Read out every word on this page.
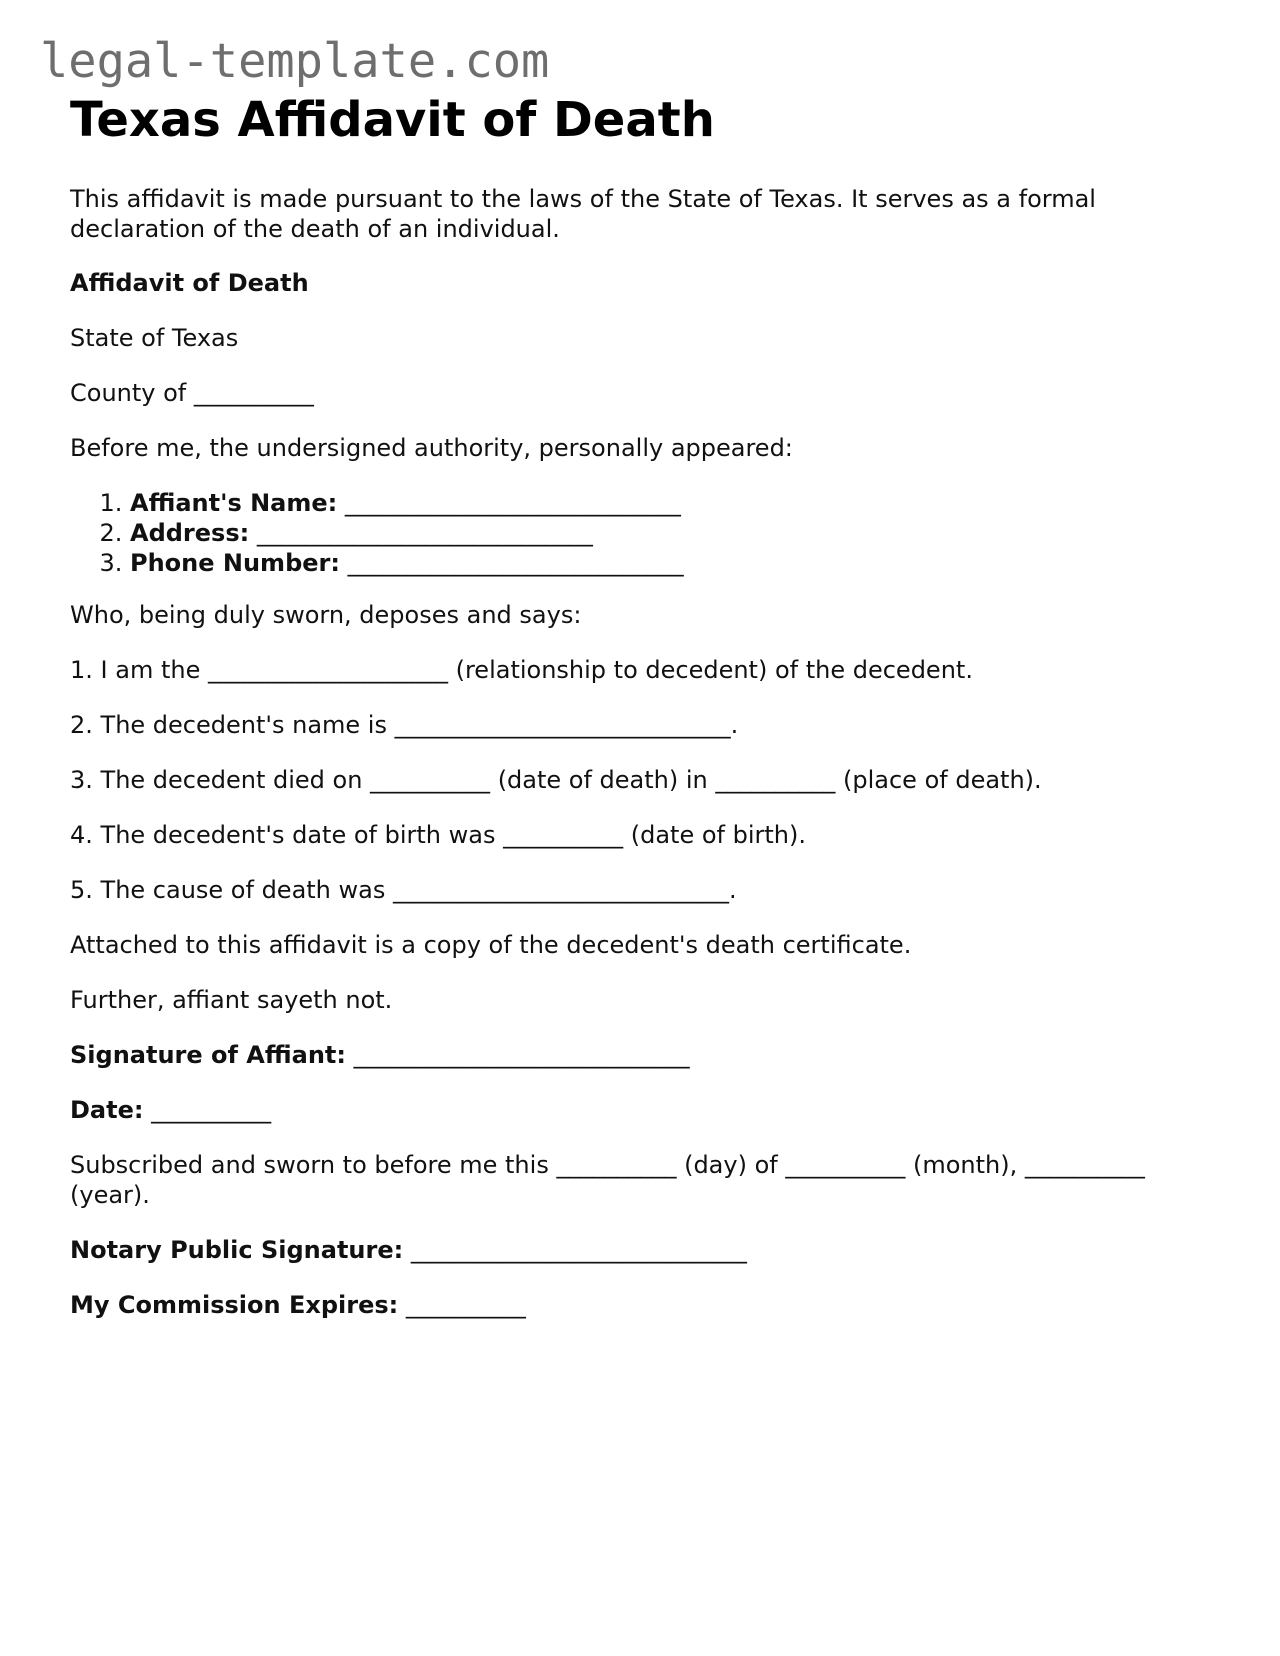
legal-template.com
Texas Affidavit of Death

This affidavit is made pursuant to the laws of the State of Texas. It serves as a formal declaration of the death of an individual.

Affidavit of Death

State of Texas

County of __________

Before me, the undersigned authority, personally appeared:

1. Affiant's Name: ____________________________
2. Address: ____________________________
3. Phone Number: ____________________________

Who, being duly sworn, deposes and says:

1. I am the ____________________ (relationship to decedent) of the decedent.

2. The decedent's name is ____________________________.

3. The decedent died on __________ (date of death) in __________ (place of death).

4. The decedent's date of birth was __________ (date of birth).

5. The cause of death was ____________________________.

Attached to this affidavit is a copy of the decedent's death certificate.

Further, affiant sayeth not.

Signature of Affiant: ____________________________

Date: __________

Subscribed and sworn to before me this __________ (day) of __________ (month), __________ (year).

Notary Public Signature: ____________________________

My Commission Expires: __________
